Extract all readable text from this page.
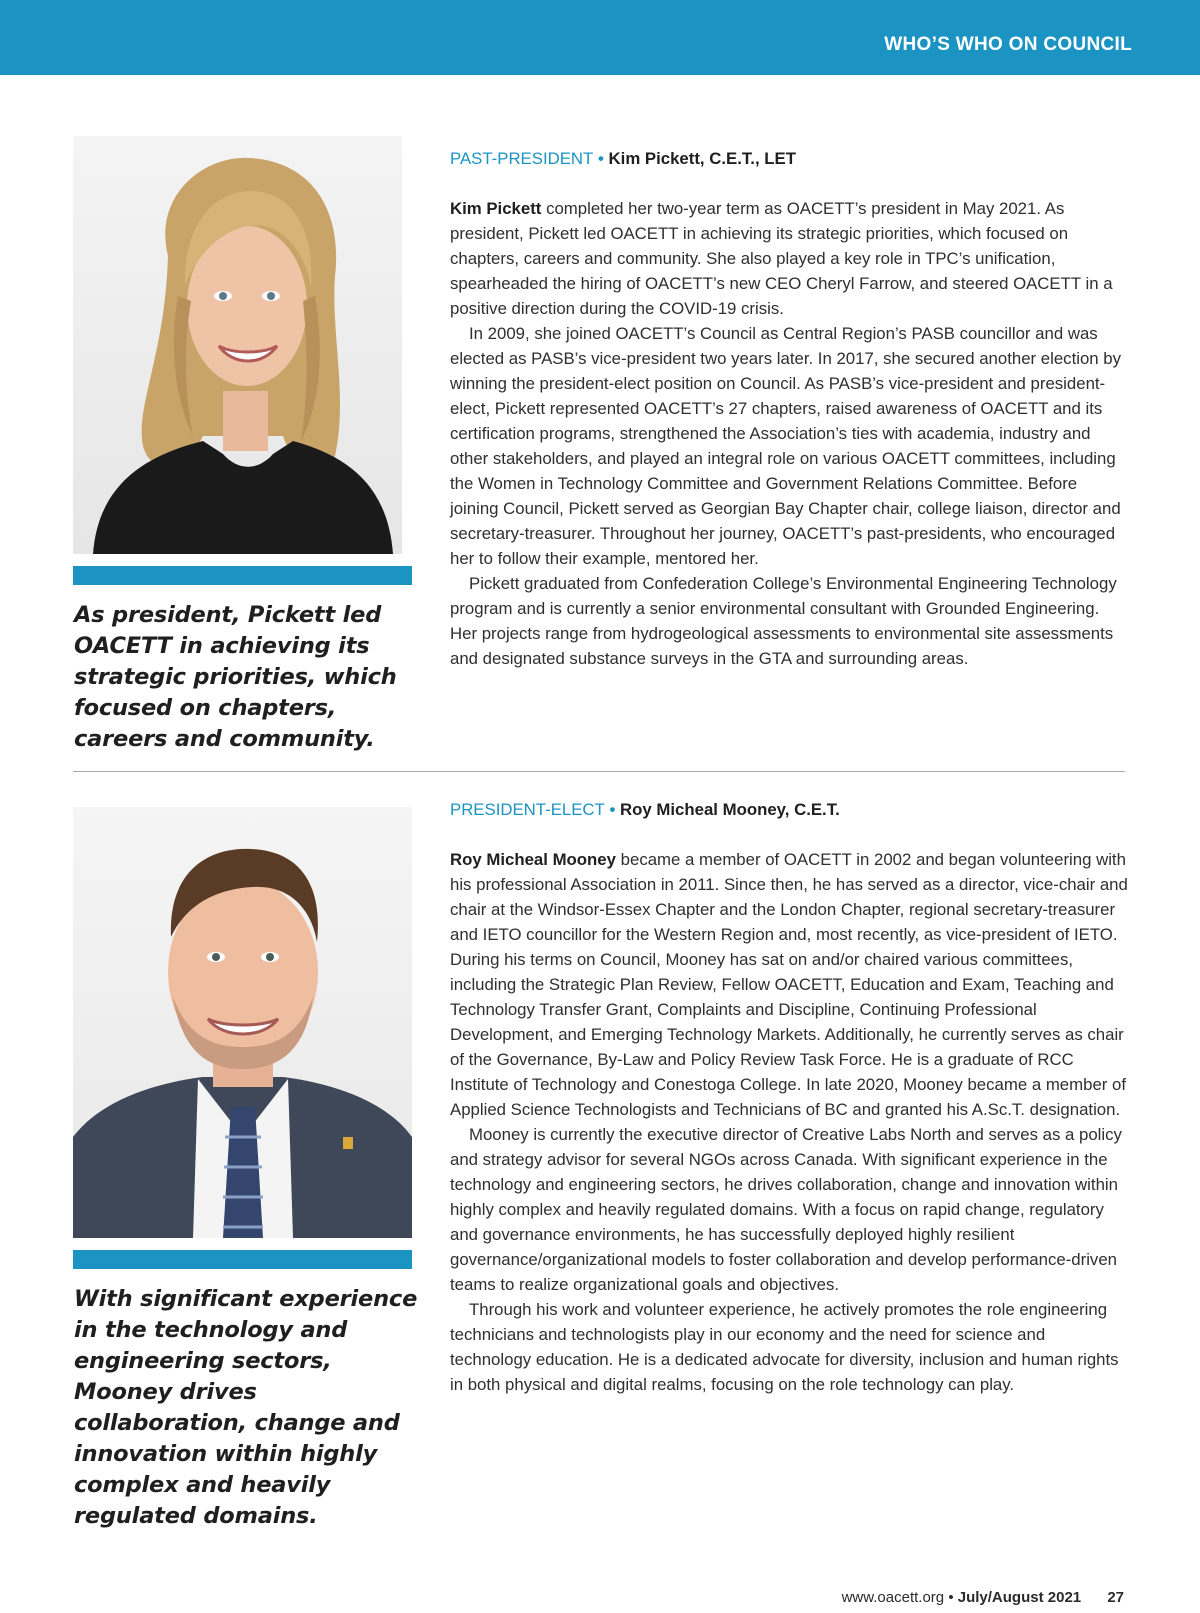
WHO’S WHO ON COUNCIL

As president, Pickett led OACETT in achieving its strategic priorities, which focused on chapters, careers and community.

PAST-PRESIDENT • Kim Pickett, C.E.T., LET

Kim Pickett completed her two-year term as OACETT’s president in May 2021. As president, Pickett led OACETT in achieving its strategic priorities, which focused on chapters, careers and community. She also played a key role in TPC’s unification, spearheaded the hiring of OACETT’s new CEO Cheryl Farrow, and steered OACETT in a positive direction during the COVID-19 crisis.

In 2009, she joined OACETT’s Council as Central Region’s PASB councillor and was elected as PASB’s vice-president two years later. In 2017, she secured another election by winning the president-elect position on Council. As PASB’s vice-president and president-elect, Pickett represented OACETT’s 27 chapters, raised awareness of OACETT and its certification programs, strengthened the Association’s ties with academia, industry and other stakeholders, and played an integral role on various OACETT committees, including the Women in Technology Committee and Government Relations Committee. Before joining Council, Pickett served as Georgian Bay Chapter chair, college liaison, director and secretary-treasurer. Throughout her journey, OACETT’s past-presidents, who encouraged her to follow their example, mentored her.

Pickett graduated from Confederation College’s Environmental Engineering Technology program and is currently a senior environmental consultant with Grounded Engineering. Her projects range from hydrogeological assessments to environmental site assessments and designated substance surveys in the GTA and surrounding areas.

With significant experience in the technology and engineering sectors, Mooney drives collaboration, change and innovation within highly complex and heavily regulated domains.

PRESIDENT-ELECT • Roy Micheal Mooney, C.E.T.

Roy Micheal Mooney became a member of OACETT in 2002 and began volunteering with his professional Association in 2011. Since then, he has served as a director, vice-chair and chair at the Windsor-Essex Chapter and the London Chapter, regional secretary-treasurer and IETO councillor for the Western Region and, most recently, as vice-president of IETO. During his terms on Council, Mooney has sat on and/or chaired various committees, including the Strategic Plan Review, Fellow OACETT, Education and Exam, Teaching and Technology Transfer Grant, Complaints and Discipline, Continuing Professional Development, and Emerging Technology Markets. Additionally, he currently serves as chair of the Governance, By-Law and Policy Review Task Force. He is a graduate of RCC Institute of Technology and Conestoga College. In late 2020, Mooney became a member of Applied Science Technologists and Technicians of BC and granted his A.Sc.T. designation.

Mooney is currently the executive director of Creative Labs North and serves as a policy and strategy advisor for several NGOs across Canada. With significant experience in the technology and engineering sectors, he drives collaboration, change and innovation within highly complex and heavily regulated domains. With a focus on rapid change, regulatory and governance environments, he has successfully deployed highly resilient governance/organizational models to foster collaboration and develop performance-driven teams to realize organizational goals and objectives.

Through his work and volunteer experience, he actively promotes the role engineering technicians and technologists play in our economy and the need for science and technology education. He is a dedicated advocate for diversity, inclusion and human rights in both physical and digital realms, focusing on the role technology can play.

www.oacett.org • July/August 2021 27
